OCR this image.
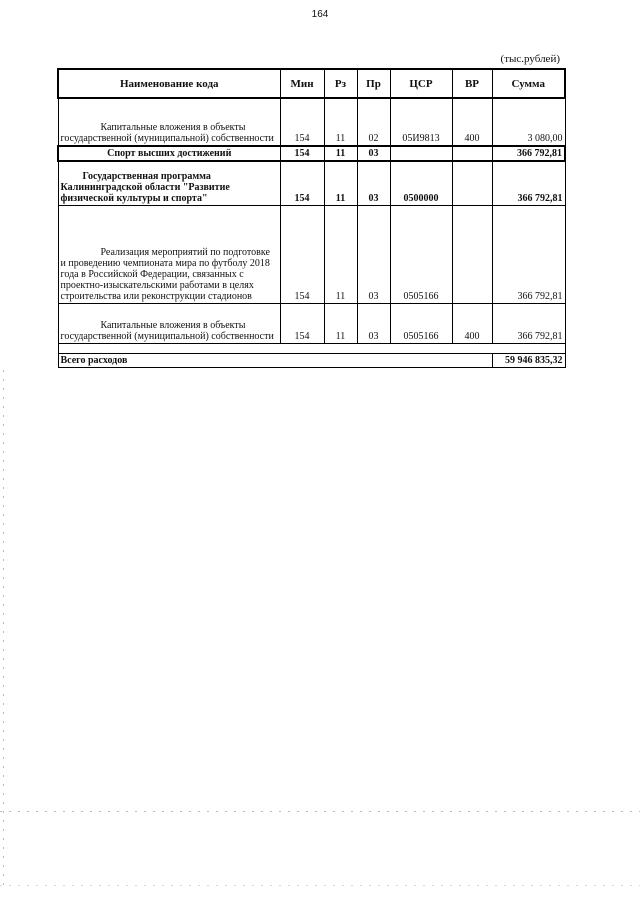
164
(тыс.рублей)
Наименование кода	Мин	Рз	Пр	ЦСР	ВР	Сумма
Капитальные вложения в объекты государственной (муниципальной) собственности	154	11	02	05И9813	400	3 080,00
Спорт высших достижений	154	11	03			366 792,81
Государственная программа Калининградской области "Развитие физической культуры и спорта"	154	11	03	0500000		366 792,81
Реализация мероприятий по подготовке и проведению чемпионата мира по футболу 2018 года в Российской Федерации, связанных с проектно-изыскательскими работами в целях строительства или реконструкции стадионов	154	11	03	0505166		366 792,81
Капитальные вложения в объекты государственной (муниципальной) собственности	154	11	03	0505166	400	366 792,81

Всего расходов						59 946 835,32
